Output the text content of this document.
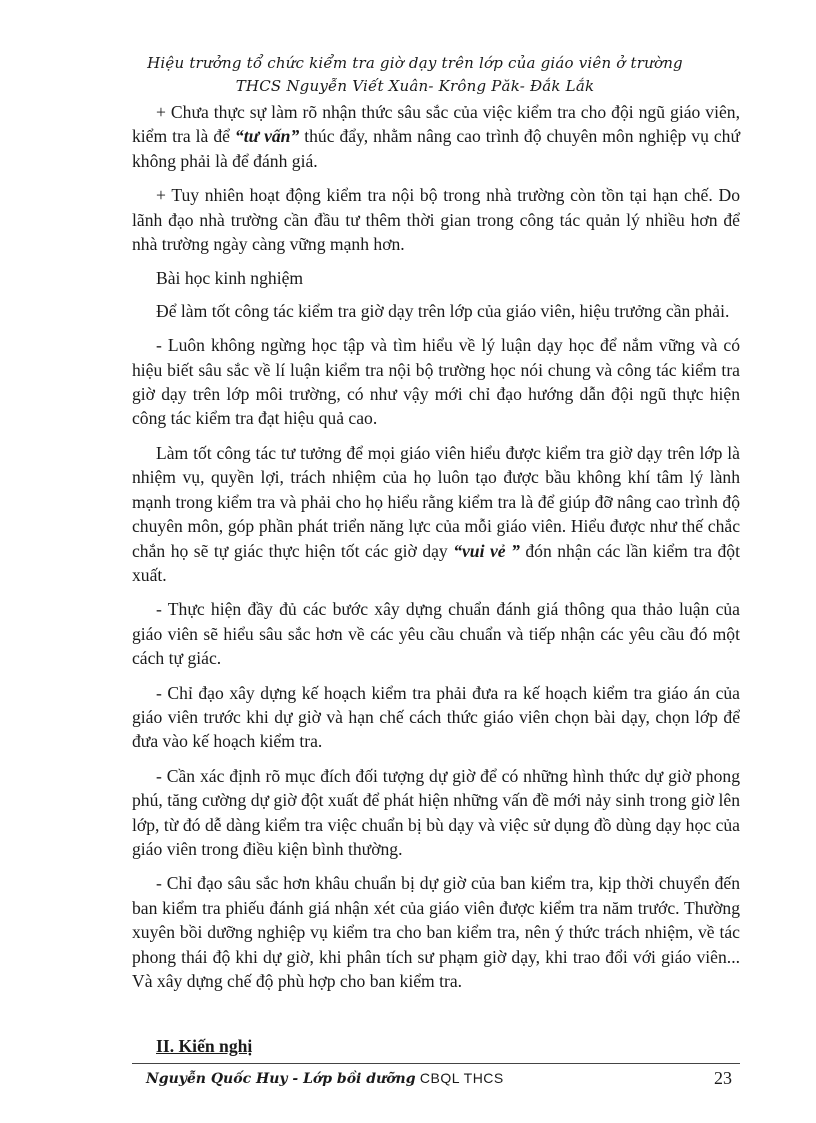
Hiệu trưởng tổ chức kiểm tra giờ dạy trên lớp của giáo viên ở trường
THCS Nguyễn Viết Xuân- Krông Păk- Đắk Lắk

+ Chưa thực sự làm rõ nhận thức sâu sắc của việc kiểm tra cho đội ngũ giáo viên, kiểm tra là để “tư vấn” thúc đẩy, nhằm nâng cao trình độ chuyên môn nghiệp vụ chứ không phải là để đánh giá.

+ Tuy nhiên hoạt động kiểm tra nội bộ trong nhà trường còn tồn tại hạn chế. Do lãnh đạo nhà trường cần đầu tư thêm thời gian trong công tác quản lý nhiều hơn để nhà trường ngày càng vững mạnh hơn.

Bài học kinh nghiệm

Để làm tốt công tác kiểm tra giờ dạy trên lớp của giáo viên, hiệu trưởng cần phải.

- Luôn không ngừng học tập và tìm hiểu về lý luận dạy học để nắm vững và có hiệu biết sâu sắc về lí luận kiểm tra nội bộ trường học nói chung và công tác kiểm tra giờ dạy trên lớp môi trường, có như vậy mới chỉ đạo hướng dẫn đội ngũ thực hiện công tác kiểm tra đạt hiệu quả cao.

Làm tốt công tác tư tưởng để mọi giáo viên hiểu được kiểm tra giờ dạy trên lớp là nhiệm vụ, quyền lợi, trách nhiệm của họ luôn tạo được bầu không khí tâm lý lành mạnh trong kiểm tra và phải cho họ hiểu rằng kiểm tra là để giúp đỡ nâng cao trình độ chuyên môn, góp phần phát triển năng lực của mỗi giáo viên. Hiểu được như thế chắc chắn họ sẽ tự giác thực hiện tốt các giờ dạy “vui vẻ ” đón nhận các lần kiểm tra đột xuất.

- Thực hiện đầy đủ các bước xây dựng chuẩn đánh giá thông qua thảo luận của giáo viên sẽ hiểu sâu sắc hơn về các yêu cầu chuẩn và tiếp nhận các yêu cầu đó một cách tự giác.

- Chỉ đạo xây dựng kế hoạch kiểm tra phải đưa ra kế hoạch kiểm tra giáo án của giáo viên trước khi dự giờ và hạn chế cách thức giáo viên chọn bài dạy, chọn lớp để đưa vào kế hoạch kiểm tra.

- Cần xác định rõ mục đích đối tượng dự giờ để có những hình thức dự giờ phong phú, tăng cường dự giờ đột xuất để phát hiện những vấn đề mới nảy sinh trong giờ lên lớp, từ đó dễ dàng kiểm tra việc chuẩn bị bù dạy và việc sử dụng đồ dùng dạy học của giáo viên trong điều kiện bình thường.

- Chỉ đạo sâu sắc hơn khâu chuẩn bị dự giờ của ban kiểm tra, kịp thời chuyển đến ban kiểm tra phiếu đánh giá nhận xét của giáo viên được kiểm tra năm trước. Thường xuyên bồi dưỡng nghiệp vụ kiểm tra cho ban kiểm tra, nên ý thức trách nhiệm, về tác phong thái độ khi dự giờ, khi phân tích sư phạm giờ dạy, khi trao đổi với giáo viên... Và xây dựng chế độ phù hợp cho ban kiểm tra.

II. Kiến nghị
Nguyễn Quốc Huy - Lớp bồi dưỡng CBQL THCS	23
